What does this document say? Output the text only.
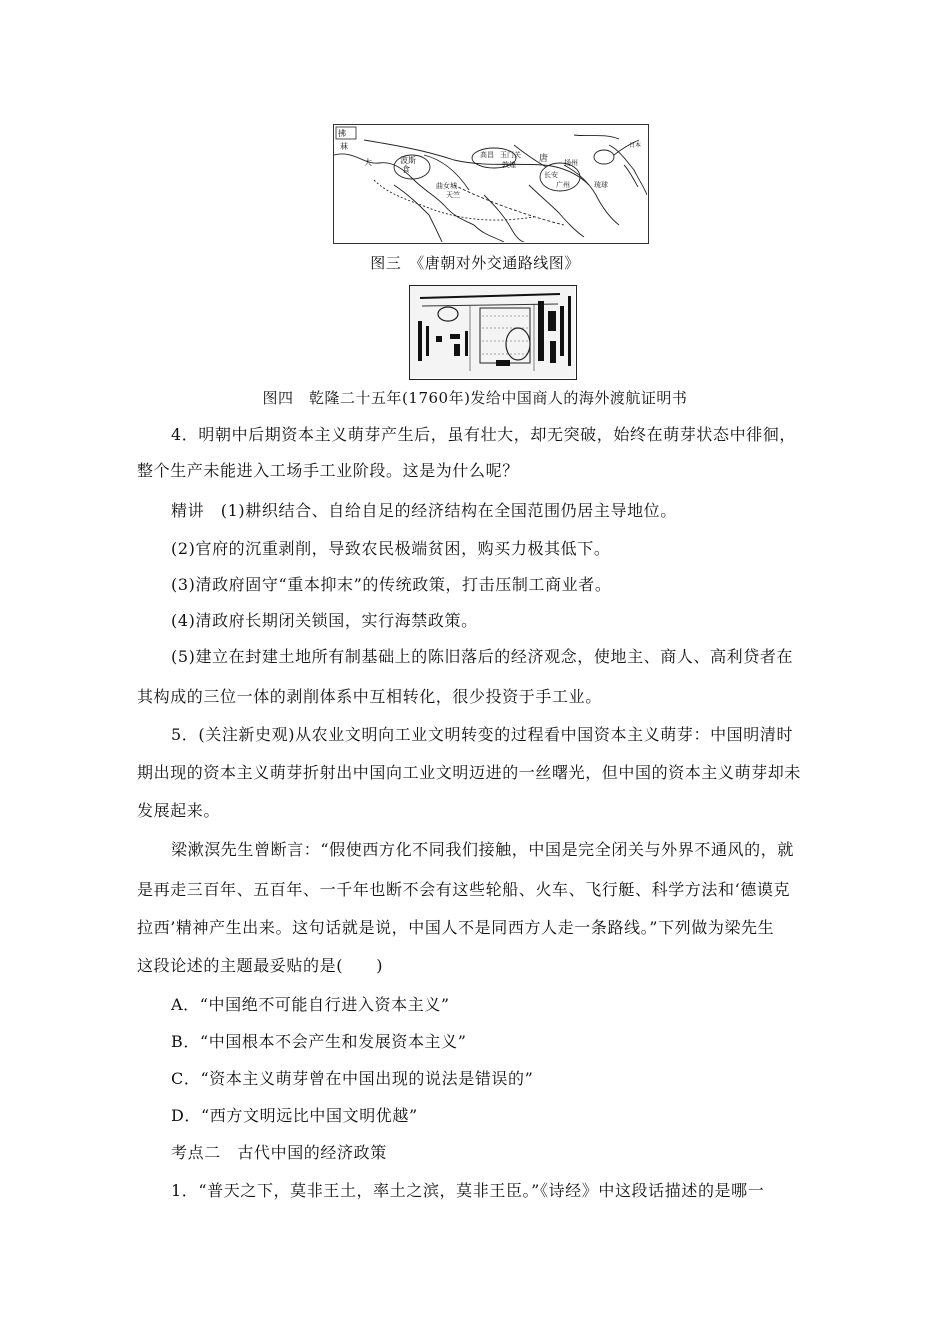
拂
菻
大	波斯
食
高昌 玉门关
敦煌
唐 扬州
长安
广州	琉球
日本
曲女城
天竺
图三　《唐朝对外交通路线图》
图四　乾隆二十五年(1760年)发给中国商人的海外渡航证明书
4．明朝中后期资本主义萌芽产生后，虽有壮大，却无突破，始终在萌芽状态中徘徊，
整个生产未能进入工场手工业阶段。这是为什么呢？
精讲　(1)耕织结合、自给自足的经济结构在全国范围仍居主导地位。
(2)官府的沉重剥削，导致农民极端贫困，购买力极其低下。
(3)清政府固守“重本抑末”的传统政策，打击压制工商业者。
(4)清政府长期闭关锁国，实行海禁政策。
(5)建立在封建土地所有制基础上的陈旧落后的经济观念，使地主、商人、高利贷者在
其构成的三位一体的剥削体系中互相转化，很少投资于手工业。
5．(关注新史观)从农业文明向工业文明转变的过程看中国资本主义萌芽：中国明清时
期出现的资本主义萌芽折射出中国向工业文明迈进的一丝曙光，但中国的资本主义萌芽却未
发展起来。
梁漱溟先生曾断言：“假使西方化不同我们接触，中国是完全闭关与外界不通风的，就
是再走三百年、五百年、一千年也断不会有这些轮船、火车、飞行艇、科学方法和‘德谟克
拉西’精神产生出来。这句话就是说，中国人不是同西方人走一条路线。”下列做为梁先生
这段论述的主题最妥贴的是(　　)
A．“中国绝不可能自行进入资本主义”
B．“中国根本不会产生和发展资本主义”
C．“资本主义萌芽曾在中国出现的说法是错误的”
D．“西方文明远比中国文明优越”
考点二　古代中国的经济政策
1．“普天之下，莫非王土，率土之滨，莫非王臣。”《诗经》中这段话描述的是哪一
